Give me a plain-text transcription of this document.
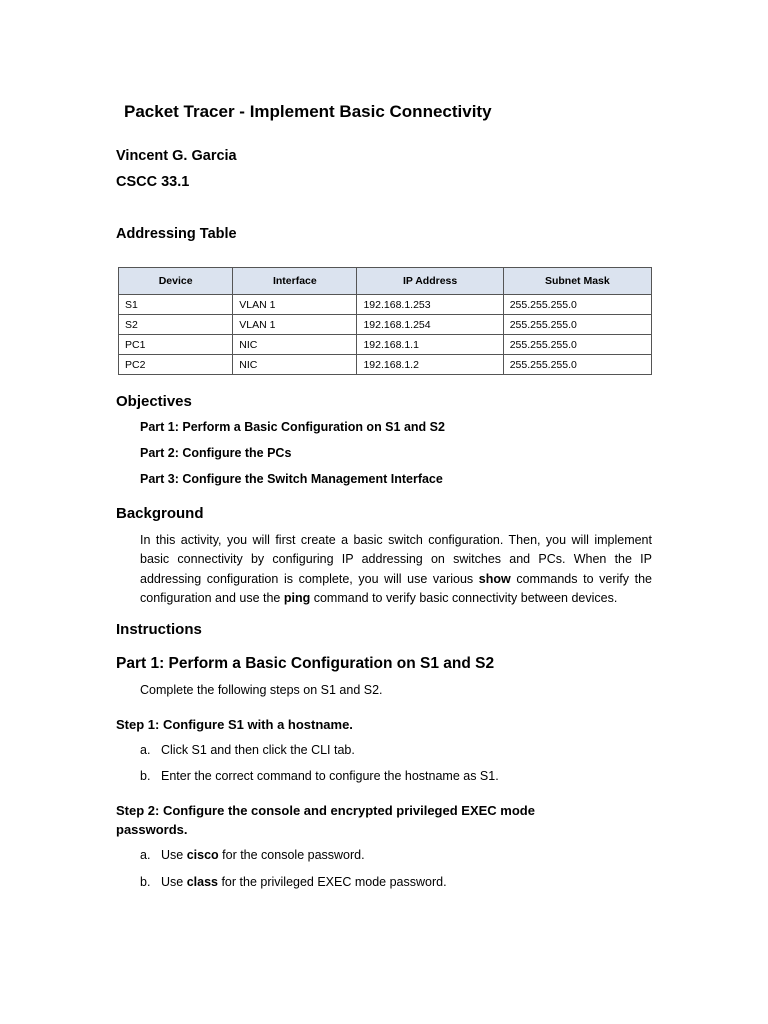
Packet Tracer - Implement Basic Connectivity

Vincent G. Garcia

CSCC 33.1

Addressing Table
Device	Interface	IP Address	Subnet Mask
S1	VLAN 1	192.168.1.253	255.255.255.0
S2	VLAN 1	192.168.1.254	255.255.255.0
PC1	NIC	192.168.1.1	255.255.255.0
PC2	NIC	192.168.1.2	255.255.255.0
Objectives

Part 1: Perform a Basic Configuration on S1 and S2

Part 2: Configure the PCs

Part 3: Configure the Switch Management Interface

Background

In this activity, you will first create a basic switch configuration. Then, you will implement basic connectivity by configuring IP addressing on switches and PCs. When the IP addressing configuration is complete, you will use various show commands to verify the configuration and use the ping command to verify basic connectivity between devices.

Instructions
Part 1: Perform a Basic Configuration on S1 and S2

Complete the following steps on S1 and S2.

Step 1: Configure S1 with a hostname.

a. Click S1 and then click the CLI tab.

b. Enter the correct command to configure the hostname as S1.

Step 2: Configure the console and encrypted privileged EXEC mode passwords.

a. Use cisco for the console password.

b. Use class for the privileged EXEC mode password.
